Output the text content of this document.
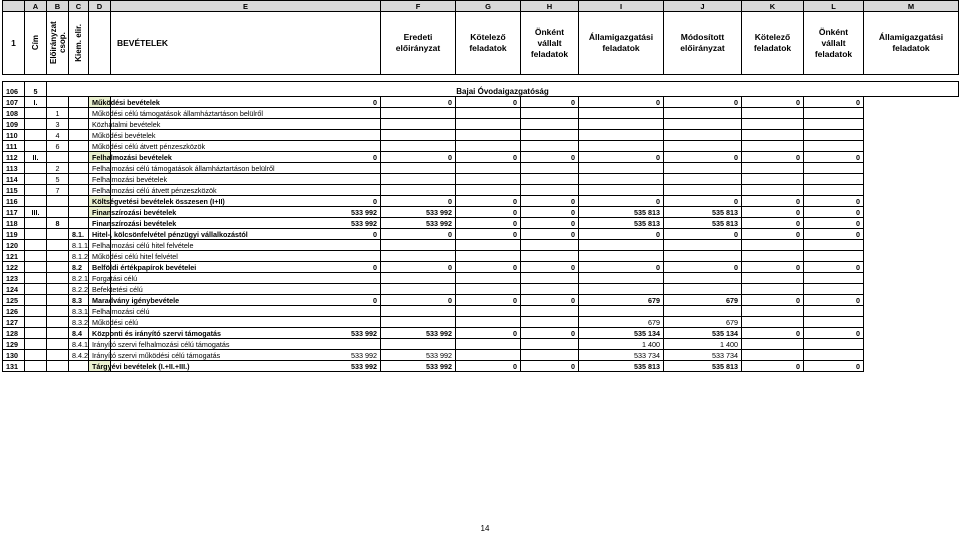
	A	B	C	D	E	F	G	H	I	J	K	L	M
1	Cím	Előirányzat csop.	Kiem. elir.		BEVÉTELEK	Eredeti előirányzat	Kötelező feladatok	Önként vállalt feladatok	Államigazgatási feladatok	Módosított előirányzat	Kötelező feladatok	Önként vállalt feladatok	Államigazgatási feladatok

106	5	Bajai Óvodaigazgatóság											
107	I.			Működési bevételek	0	0	0	0	0	0	0	0	
108		1		Működési célú támogatások államháztartáson belülről									
109		3		Közhatalmi bevételek									
110		4		Működési bevételek									
111		6		Működési célú átvett pénzeszközök									
112	II.			Felhalmozási bevételek	0	0	0	0	0	0	0	0	
113		2		Felhalmozási célú támogatások államháztartáson belülről									
114		5		Felhalmozási bevételek									
115		7		Felhalmozási célú átvett pénzeszközök									
116				Költségvetési bevételek összesen (I+II)	0	0	0	0	0	0	0	0	
117	III.			Finanszírozási bevételek	533 992	533 992	0	0	535 813	535 813	0	0	
118		8		Finanszírozási bevételek	533 992	533 992	0	0	535 813	535 813	0	0	
119			8.1.	Hitel-, kölcsönfelvétel pénzügyi vállalkozástól	0	0	0	0	0	0	0	0	
120			8.1.1	Felhalmozási célú hitel felvétele									
121			8.1.2	Működési célú hitel felvétel									
122			8.2	Belföldi értékpapírok bevételei	0	0	0	0	0	0	0	0	
123			8.2.1	Forgatási célú									
124			8.2.2	Befektetési célú									
125			8.3	Maradvány igénybevétele	0	0	0	0	679	679	0	0	
126			8.3.1	Felhalmozási célú									
127			8.3.2	Működési célú					679	679			
128			8.4	Központi és irányító szervi támogatás	533 992	533 992	0	0	535 134	535 134	0	0	
129			8.4.1	Irányító szervi felhalmozási célú támogatás					1 400	1 400			
130			8.4.2	Irányító szervi működési célú támogatás	533 992	533 992			533 734	533 734			
131				Tárgyévi bevételek (I.+II.+III.)	533 992	533 992	0	0	535 813	535 813	0	0	
14
